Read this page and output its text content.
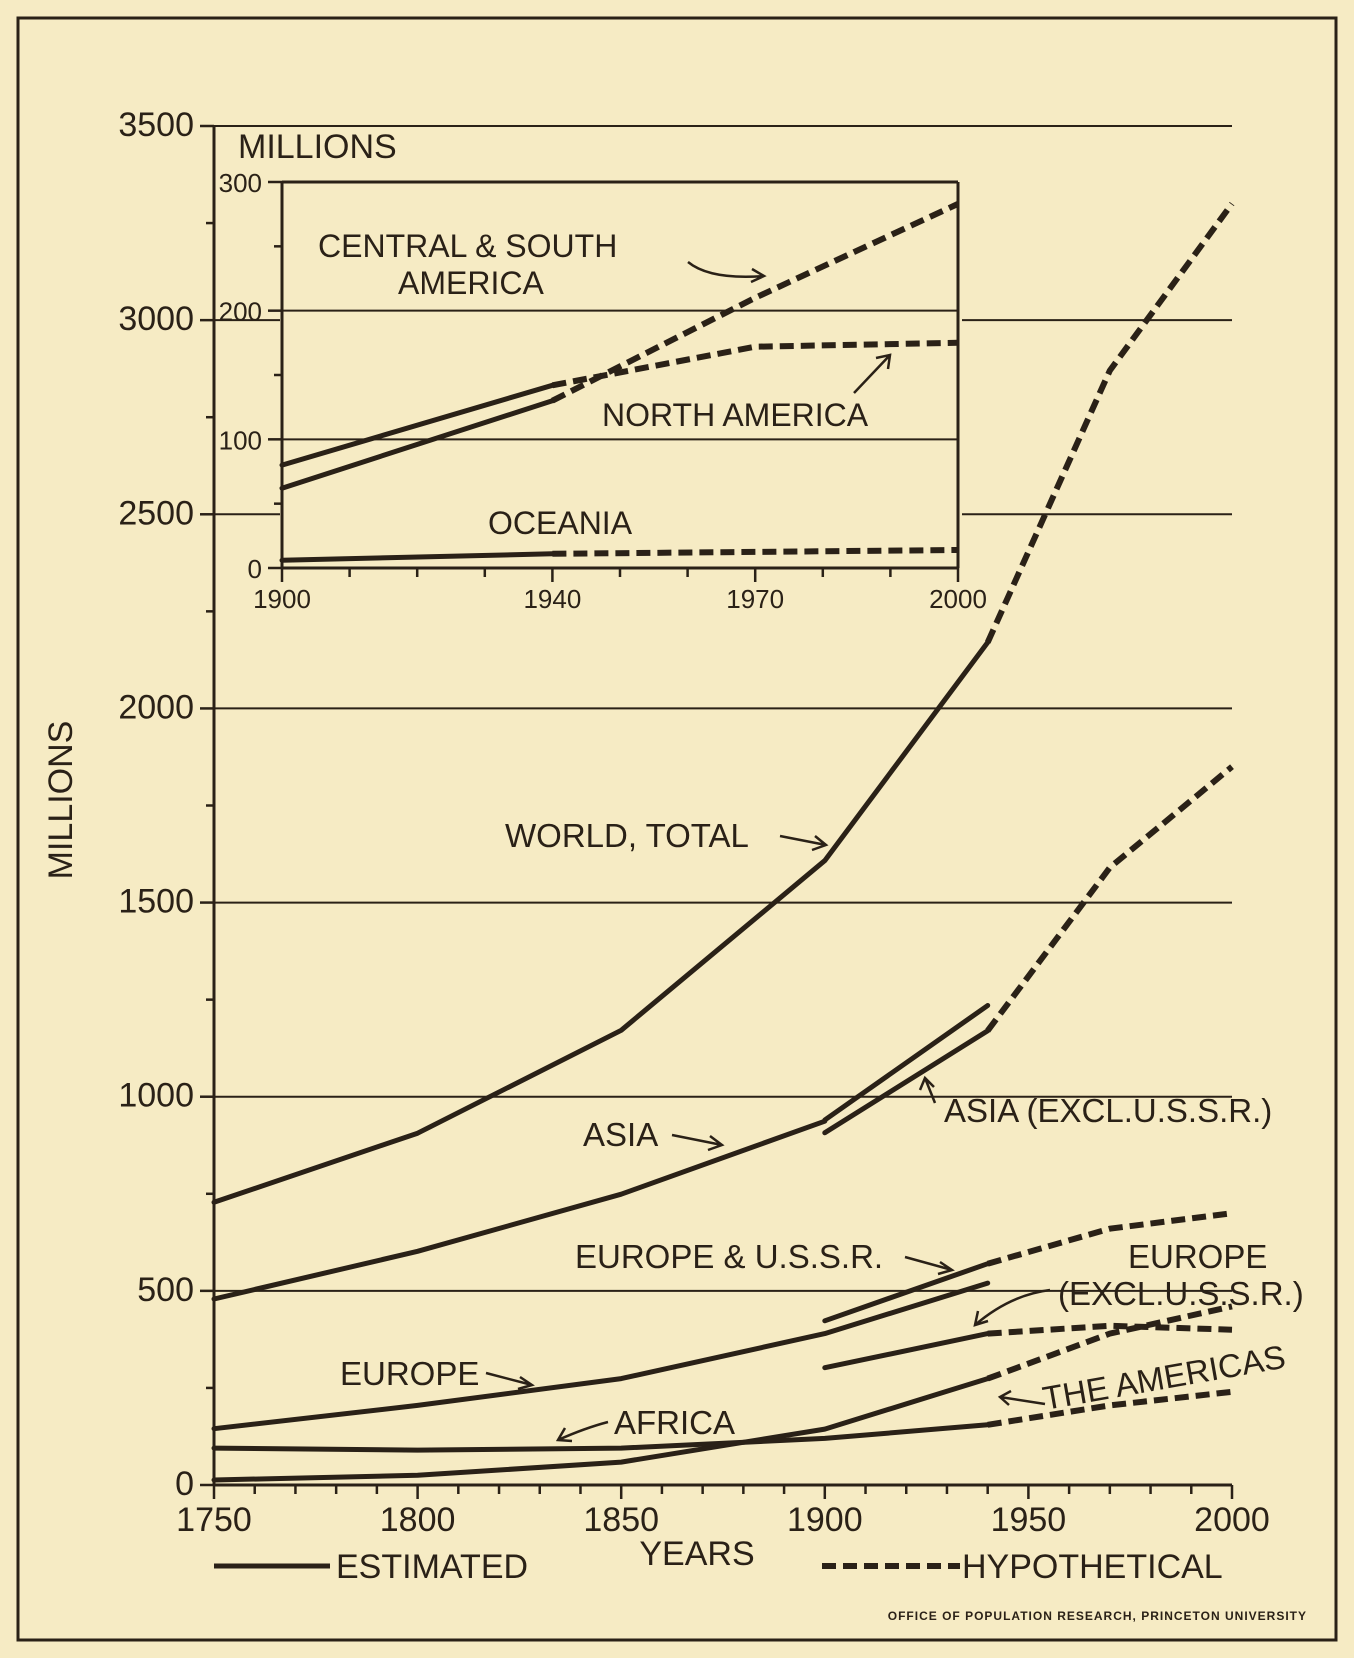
0
500
1000
1500
2000
2500
3000
3500
1750	1800	1850	1900	1950	2000
MILLIONS
YEARS
WORLD, TOTAL
ASIA
ASIA (EXCL.U.S.S.R.)
EUROPE & U.S.S.R.	EUROPE
(EXCL.U.S.S.R.)
EUROPE
AFRICA
THE AMERICAS
ESTIMATED	HYPOTHETICAL
OFFICE OF POPULATION RESEARCH, PRINCETON UNIVERSITY
0
100
200
300
1900	1940	1970	2000
MILLIONS
CENTRAL & SOUTH
AMERICA
NORTH AMERICA
OCEANIA
